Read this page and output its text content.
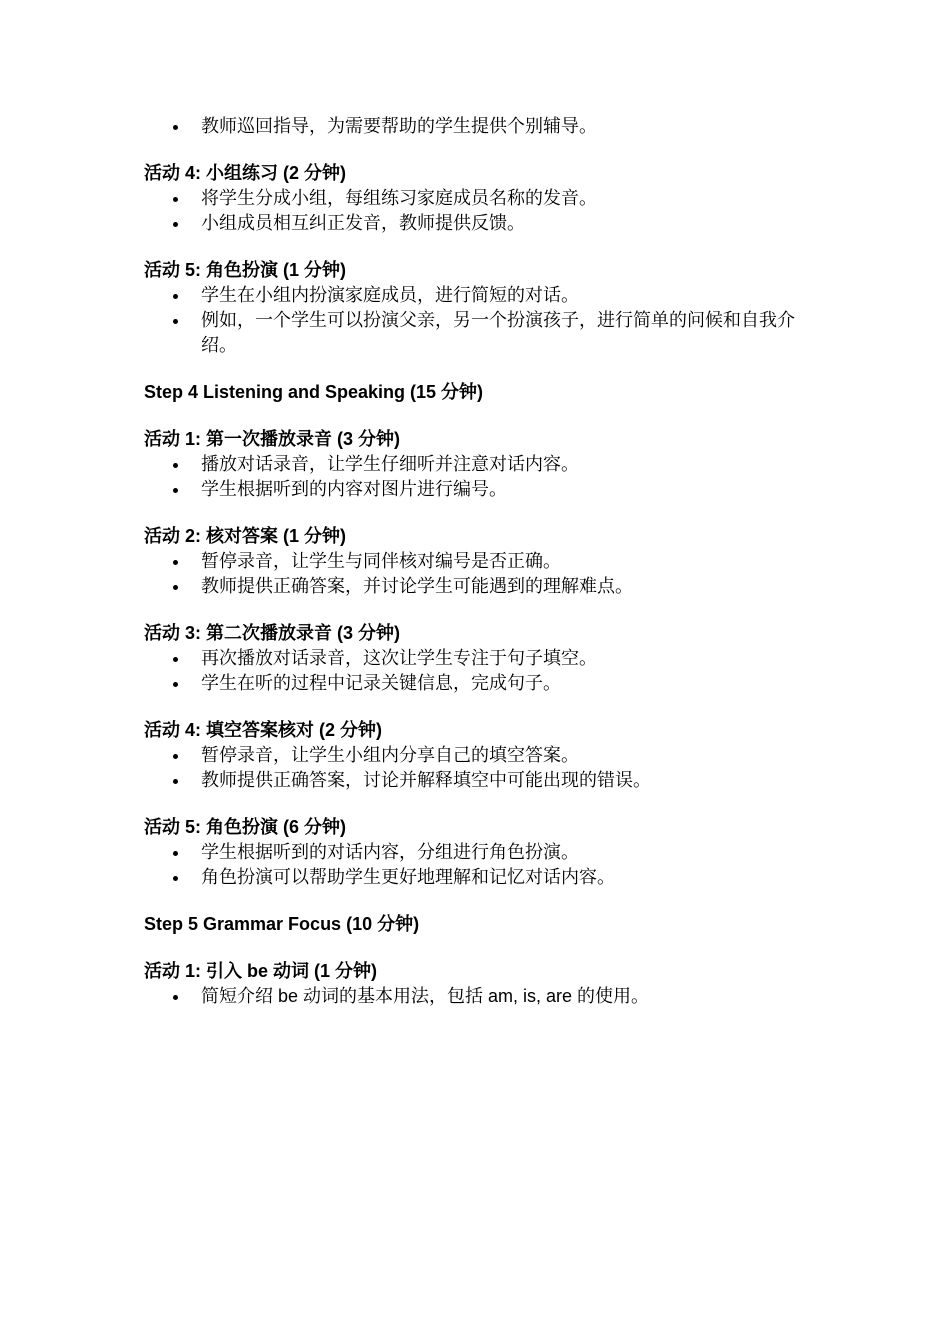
教师巡回指导，为需要帮助的学生提供个别辅导。

活动 4: 小组练习 (2 分钟)

将学生分成小组，每组练习家庭成员名称的发音。
小组成员相互纠正发音，教师提供反馈。

活动 5: 角色扮演 (1 分钟)

学生在小组内扮演家庭成员，进行简短的对话。
例如，一个学生可以扮演父亲，另一个扮演孩子，进行简单的问候和自我介绍。

Step 4 Listening and Speaking (15 分钟)

活动 1: 第一次播放录音 (3 分钟)

播放对话录音，让学生仔细听并注意对话内容。
学生根据听到的内容对图片进行编号。

活动 2: 核对答案 (1 分钟)

暂停录音，让学生与同伴核对编号是否正确。
教师提供正确答案，并讨论学生可能遇到的理解难点。

活动 3: 第二次播放录音 (3 分钟)

再次播放对话录音，这次让学生专注于句子填空。
学生在听的过程中记录关键信息，完成句子。

活动 4: 填空答案核对 (2 分钟)

暂停录音，让学生小组内分享自己的填空答案。
教师提供正确答案，讨论并解释填空中可能出现的错误。

活动 5: 角色扮演 (6 分钟)

学生根据听到的对话内容，分组进行角色扮演。
角色扮演可以帮助学生更好地理解和记忆对话内容。

Step 5 Grammar Focus (10 分钟)

活动 1: 引入 be 动词 (1 分钟)

简短介绍 be 动词的基本用法，包括 am, is, are 的使用。
